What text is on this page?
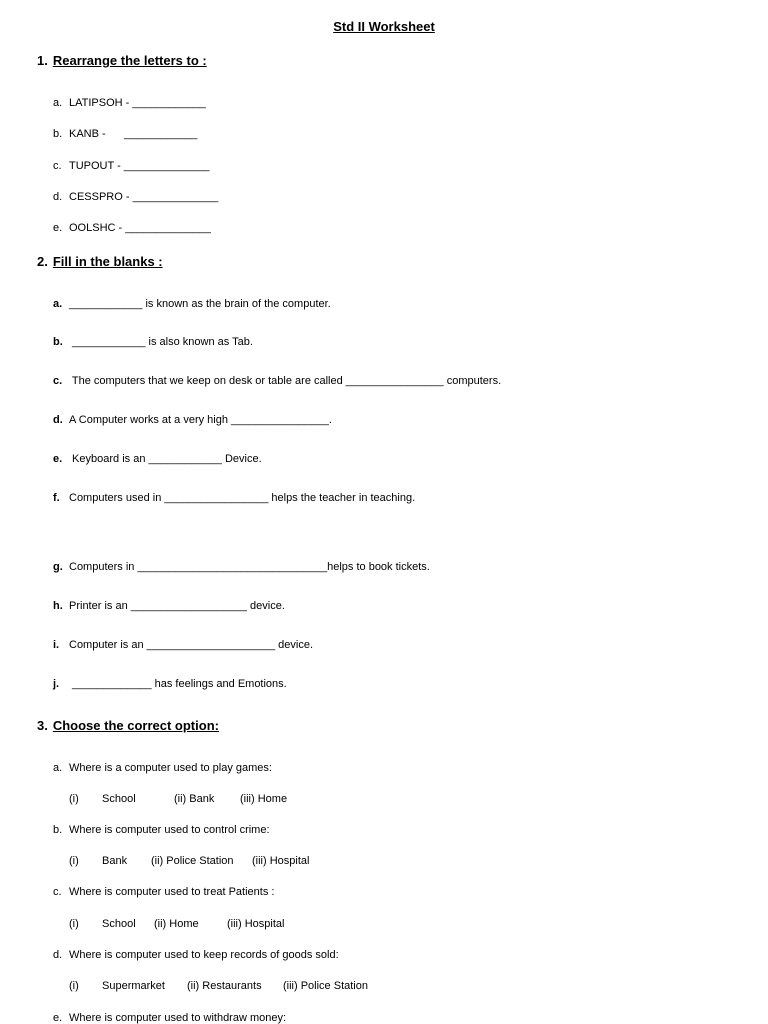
Std II Worksheet
1. Rearrange the letters to :
a. LATIPSOH - ____________
b. KANB -      ____________
c. TUPOUT - ______________
d. CESSPRO - ______________
e. OOLSHC - ______________
2. Fill in the blanks :
a. ____________ is known as the brain of the computer.
b. ____________ is also known as Tab.
c. The computers that we keep on desk or table are called ________________ computers.
d. A Computer works at a very high ________________.
e. Keyboard is an ____________ Device.
f. Computers used in _________________ helps the teacher in teaching.
g. Computers in _______________________________helps to book tickets.
h. Printer is an ___________________ device.
i. Computer is an _____________________ device.
j. _____________ has feelings and Emotions.
3. Choose the correct option:
a. Where is a computer used to play games:
(i) School	(ii) Bank (iii) Home
b. Where is computer used to control crime:
(i) Bank (ii) Police Station (iii) Hospital
c. Where is computer used to treat Patients :
(i) School (ii) Home	(iii) Hospital
d. Where is computer used to keep records of goods sold:
(i) Supermarket (ii) Restaurants (iii) Police Station
e. Where is computer used to withdraw money:
